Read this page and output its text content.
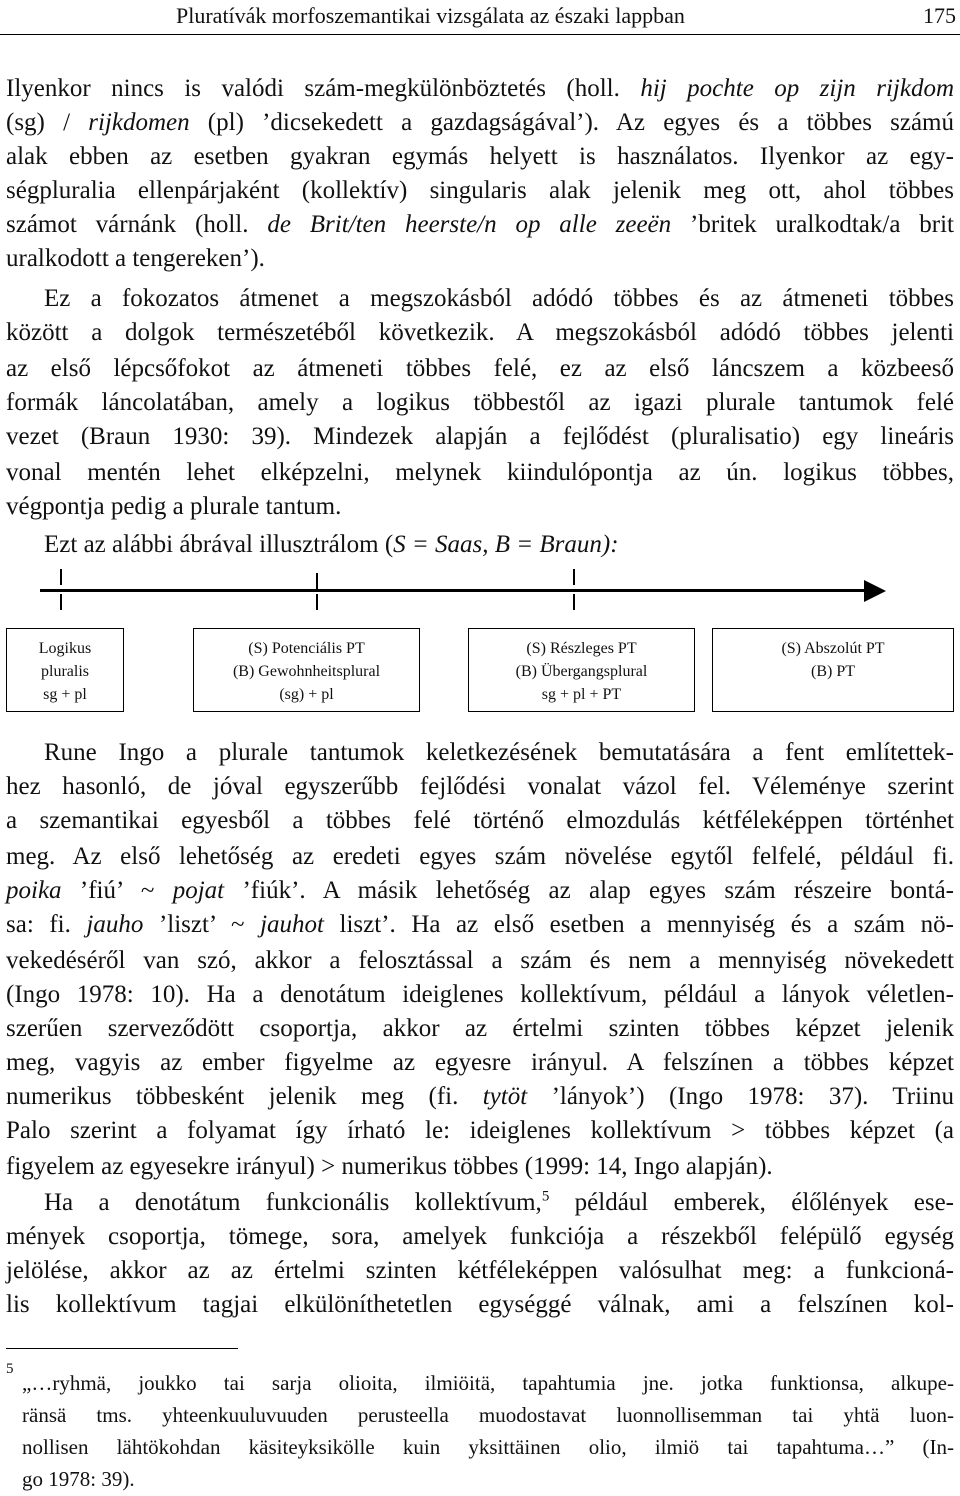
Pluratívák morfoszemantikai vizsgálata az északi lappban	175
Ilyenkor nincs is valódi szám-megkülönböztetés (holl. hij pochte op zijn rijkdom
(sg) / rijkdomen (pl) ’dicsekedett a gazdagságával’). Az egyes és a többes számú
alak ebben az esetben gyakran egymás helyett is használatos. Ilyenkor az egy-
ségpluralia ellenpárjaként (kollektív) singularis alak jelenik meg ott, ahol többes
számot várnánk (holl. de Brit/ten heerste/n op alle zeeën ’britek uralkodtak/a brit
uralkodott a tengereken’).
Ez a fokozatos átmenet a megszokásból adódó többes és az átmeneti többes
között a dolgok természetéből következik. A megszokásból adódó többes jelenti
az első lépcsőfokot az átmeneti többes felé, ez az első láncszem a közbeeső
formák láncolatában, amely a logikus többestől az igazi plurale tantumok felé
vezet (Braun 1930: 39). Mindezek alapján a fejlődést (pluralisatio) egy lineáris
vonal mentén lehet elképzelni, melynek kiindulópontja az ún. logikus többes,
végpontja pedig a plurale tantum.
Ezt az alábbi ábrával illusztrálom (S = Saas, B = Braun):
Logikus
pluralis
sg + pl
(S) Potenciális PT
(B) Gewohnheitsplural
(sg) + pl
(S) Részleges PT
(B) Übergangsplural
sg + pl + PT
(S) Abszolút PT
(B) PT
Rune Ingo a plurale tantumok keletkezésének bemutatására a fent említettek-
hez hasonló, de jóval egyszerűbb fejlődési vonalat vázol fel. Véleménye szerint
a szemantikai egyesből a többes felé történő elmozdulás kétféleképpen történhet
meg. Az első lehetőség az eredeti egyes szám növelése egytől felfelé, például fi.
poika ’fiú’ ~ pojat ’fiúk’. A másik lehetőség az alap egyes szám részeire bontá-
sa: fi. jauho ’liszt’ ~ jauhot liszt’. Ha az első esetben a mennyiség és a szám nö-
vekedéséről van szó, akkor a felosztással a szám és nem a mennyiség növekedett
(Ingo 1978: 10). Ha a denotátum ideiglenes kollektívum, például a lányok véletlen-
szerűen szerveződött csoportja, akkor az értelmi szinten többes képzet jelenik
meg, vagyis az ember figyelme az egyesre irányul. A felszínen a többes képzet
numerikus többesként jelenik meg (fi. tytöt ’lányok’) (Ingo 1978: 37). Triinu
Palo szerint a folyamat így írható le: ideiglenes kollektívum > többes képzet (a
figyelem az egyesekre irányul) > numerikus többes (1999: 14, Ingo alapján).
Ha a denotátum funkcionális kollektívum,$^5$ például emberek, élőlények ese-
mények csoportja, tömege, sora, amelyek funkciója a részekből felépülő egység
jelölése, akkor az az értelmi szinten kétféleképpen valósulhat meg: a funkcioná-
lis kollektívum tagjai elkülöníthetetlen egységgé válnak, ami a felszínen kol-
5
„…ryhmä, joukko tai sarja olioita, ilmiöitä, tapahtumia jne. jotka funktionsa, alkupe-
ränsä tms. yhteenkuuluvuuden perusteella muodostavat luonnollisemman tai yhtä luon-
nollisen lähtökohdan käsiteyksikölle kuin yksittäinen olio, ilmiö tai tapahtuma…” (In-
go 1978: 39).
